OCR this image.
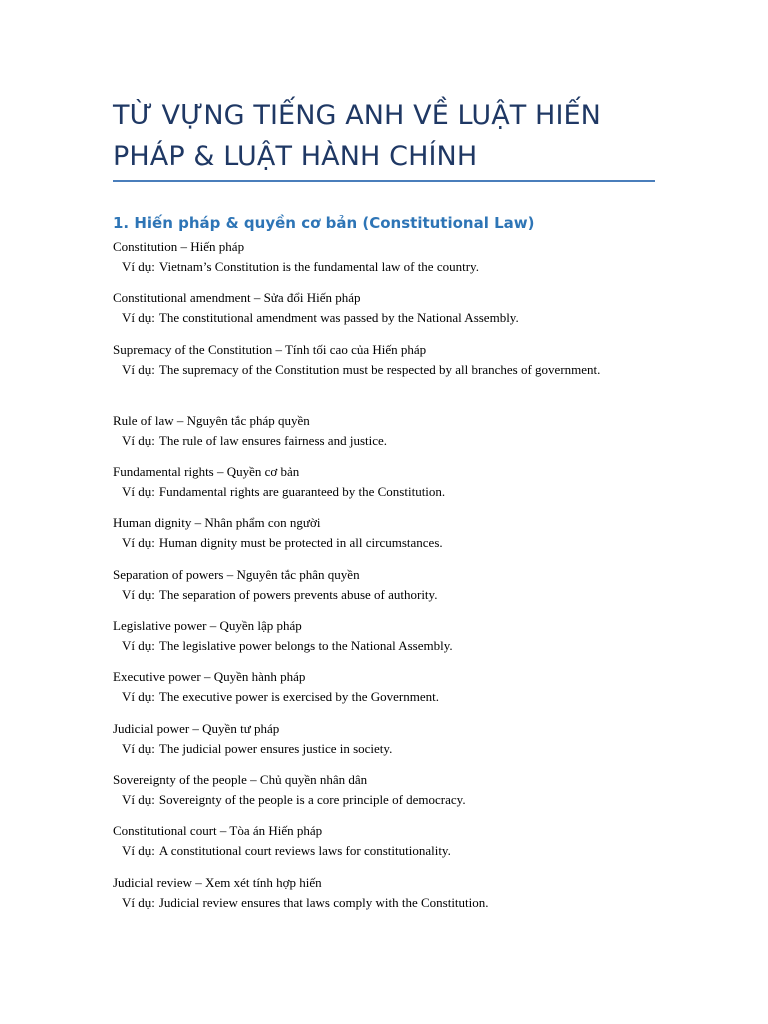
TỪ VỰNG TIẾNG ANH VỀ LUẬT HIẾN PHÁP & LUẬT HÀNH CHÍNH
1. Hiến pháp & quyền cơ bản (Constitutional Law)
Constitution – Hiến pháp
Ví dụ: Vietnam’s Constitution is the fundamental law of the country.
Constitutional amendment – Sửa đổi Hiến pháp
Ví dụ: The constitutional amendment was passed by the National Assembly.
Supremacy of the Constitution – Tính tối cao của Hiến pháp
Ví dụ: The supremacy of the Constitution must be respected by all branches of government.
Rule of law – Nguyên tắc pháp quyền
Ví dụ: The rule of law ensures fairness and justice.
Fundamental rights – Quyền cơ bản
Ví dụ: Fundamental rights are guaranteed by the Constitution.
Human dignity – Nhân phẩm con người
Ví dụ: Human dignity must be protected in all circumstances.
Separation of powers – Nguyên tắc phân quyền
Ví dụ: The separation of powers prevents abuse of authority.
Legislative power – Quyền lập pháp
Ví dụ: The legislative power belongs to the National Assembly.
Executive power – Quyền hành pháp
Ví dụ: The executive power is exercised by the Government.
Judicial power – Quyền tư pháp
Ví dụ: The judicial power ensures justice in society.
Sovereignty of the people – Chủ quyền nhân dân
Ví dụ: Sovereignty of the people is a core principle of democracy.
Constitutional court – Tòa án Hiến pháp
Ví dụ: A constitutional court reviews laws for constitutionality.
Judicial review – Xem xét tính hợp hiến
Ví dụ: Judicial review ensures that laws comply with the Constitution.
